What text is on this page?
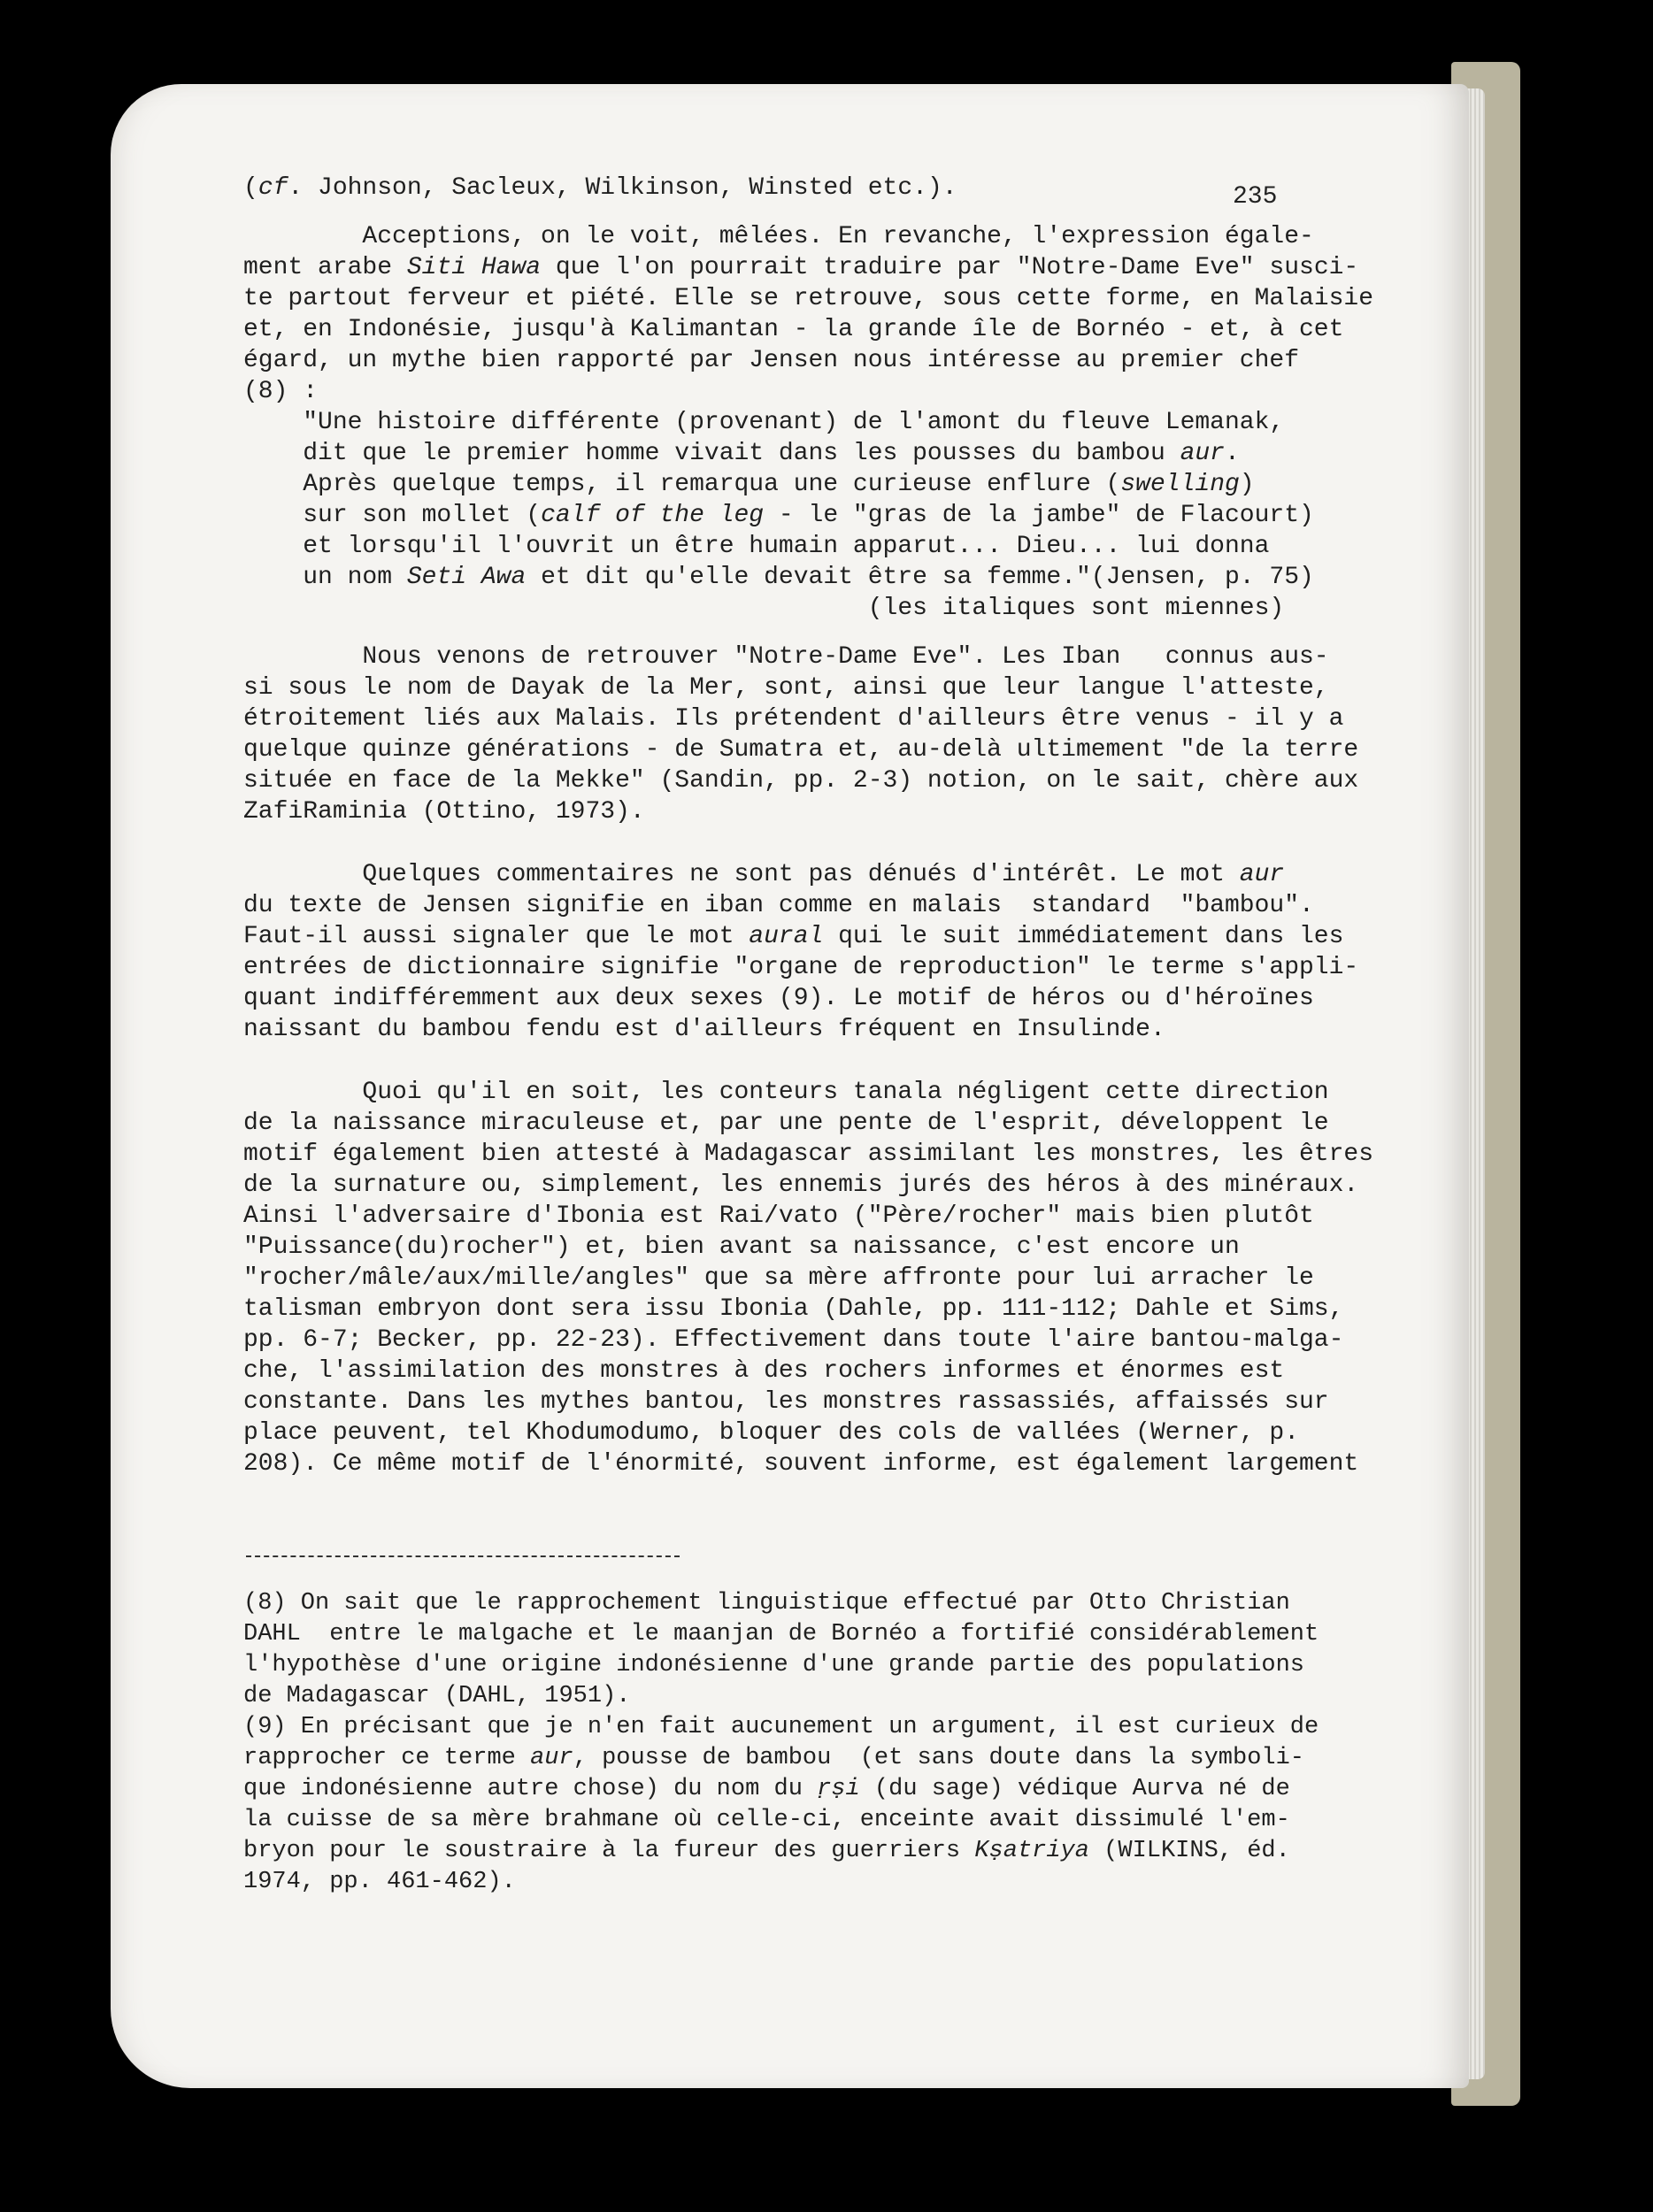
235
(cf. Johnson, Sacleux, Wilkinson, Winsted etc.).
Acceptions, on le voit, mêlées. En revanche, l'expression égale-
ment arabe Siti Hawa que l'on pourrait traduire par "Notre-Dame Eve" susci-
te partout ferveur et piété. Elle se retrouve, sous cette forme, en Malaisie
et, en Indonésie, jusqu'à Kalimantan - la grande île de Bornéo - et, à cet
égard, un mythe bien rapporté par Jensen nous intéresse au premier chef
(8) :
"Une histoire différente (provenant) de l'amont du fleuve Lemanak,
dit que le premier homme vivait dans les pousses du bambou aur.
Après quelque temps, il remarqua une curieuse enflure (swelling)
sur son mollet (calf of the leg - le "gras de la jambe" de Flacourt)
et lorsqu'il l'ouvrit un être humain apparut... Dieu... lui donna
un nom Seti Awa et dit qu'elle devait être sa femme."(Jensen, p. 75)
(les italiques sont miennes)
Nous venons de retrouver "Notre-Dame Eve". Les Iban   connus aus-
si sous le nom de Dayak de la Mer, sont, ainsi que leur langue l'atteste,
étroitement liés aux Malais. Ils prétendent d'ailleurs être venus - il y a
quelque quinze générations - de Sumatra et, au-delà ultimement "de la terre
située en face de la Mekke" (Sandin, pp. 2-3) notion, on le sait, chère aux
ZafiRaminia (Ottino, 1973).
Quelques commentaires ne sont pas dénués d'intérêt. Le mot aur
du texte de Jensen signifie en iban comme en malais  standard  "bambou".
Faut-il aussi signaler que le mot aural qui le suit immédiatement dans les
entrées de dictionnaire signifie "organe de reproduction" le terme s'appli-
quant indifféremment aux deux sexes (9). Le motif de héros ou d'héroïnes
naissant du bambou fendu est d'ailleurs fréquent en Insulinde.
Quoi qu'il en soit, les conteurs tanala négligent cette direction
de la naissance miraculeuse et, par une pente de l'esprit, développent le
motif également bien attesté à Madagascar assimilant les monstres, les êtres
de la surnature ou, simplement, les ennemis jurés des héros à des minéraux.
Ainsi l'adversaire d'Ibonia est Rai/vato ("Père/rocher" mais bien plutôt
"Puissance(du)rocher") et, bien avant sa naissance, c'est encore un
"rocher/mâle/aux/mille/angles" que sa mère affronte pour lui arracher le
talisman embryon dont sera issu Ibonia (Dahle, pp. 111-112; Dahle et Sims,
pp. 6-7; Becker, pp. 22-23). Effectivement dans toute l'aire bantou-malga-
che, l'assimilation des monstres à des rochers informes et énormes est
constante. Dans les mythes bantou, les monstres rassassiés, affaissés sur
place peuvent, tel Khodumodumo, bloquer des cols de vallées (Werner, p.
208). Ce même motif de l'énormité, souvent informe, est également largement
(8) On sait que le rapprochement linguistique effectué par Otto Christian
DAHL  entre le malgache et le maanjan de Bornéo a fortifié considérablement
l'hypothèse d'une origine indonésienne d'une grande partie des populations
de Madagascar (DAHL, 1951).
(9) En précisant que je n'en fait aucunement un argument, il est curieux de
rapprocher ce terme aur, pousse de bambou  (et sans doute dans la symboli-
que indonésienne autre chose) du nom du ṛṣi (du sage) védique Aurva né de
la cuisse de sa mère brahmane où celle-ci, enceinte avait dissimulé l'em-
bryon pour le soustraire à la fureur des guerriers Kṣatriya (WILKINS, éd.
1974, pp. 461-462).
